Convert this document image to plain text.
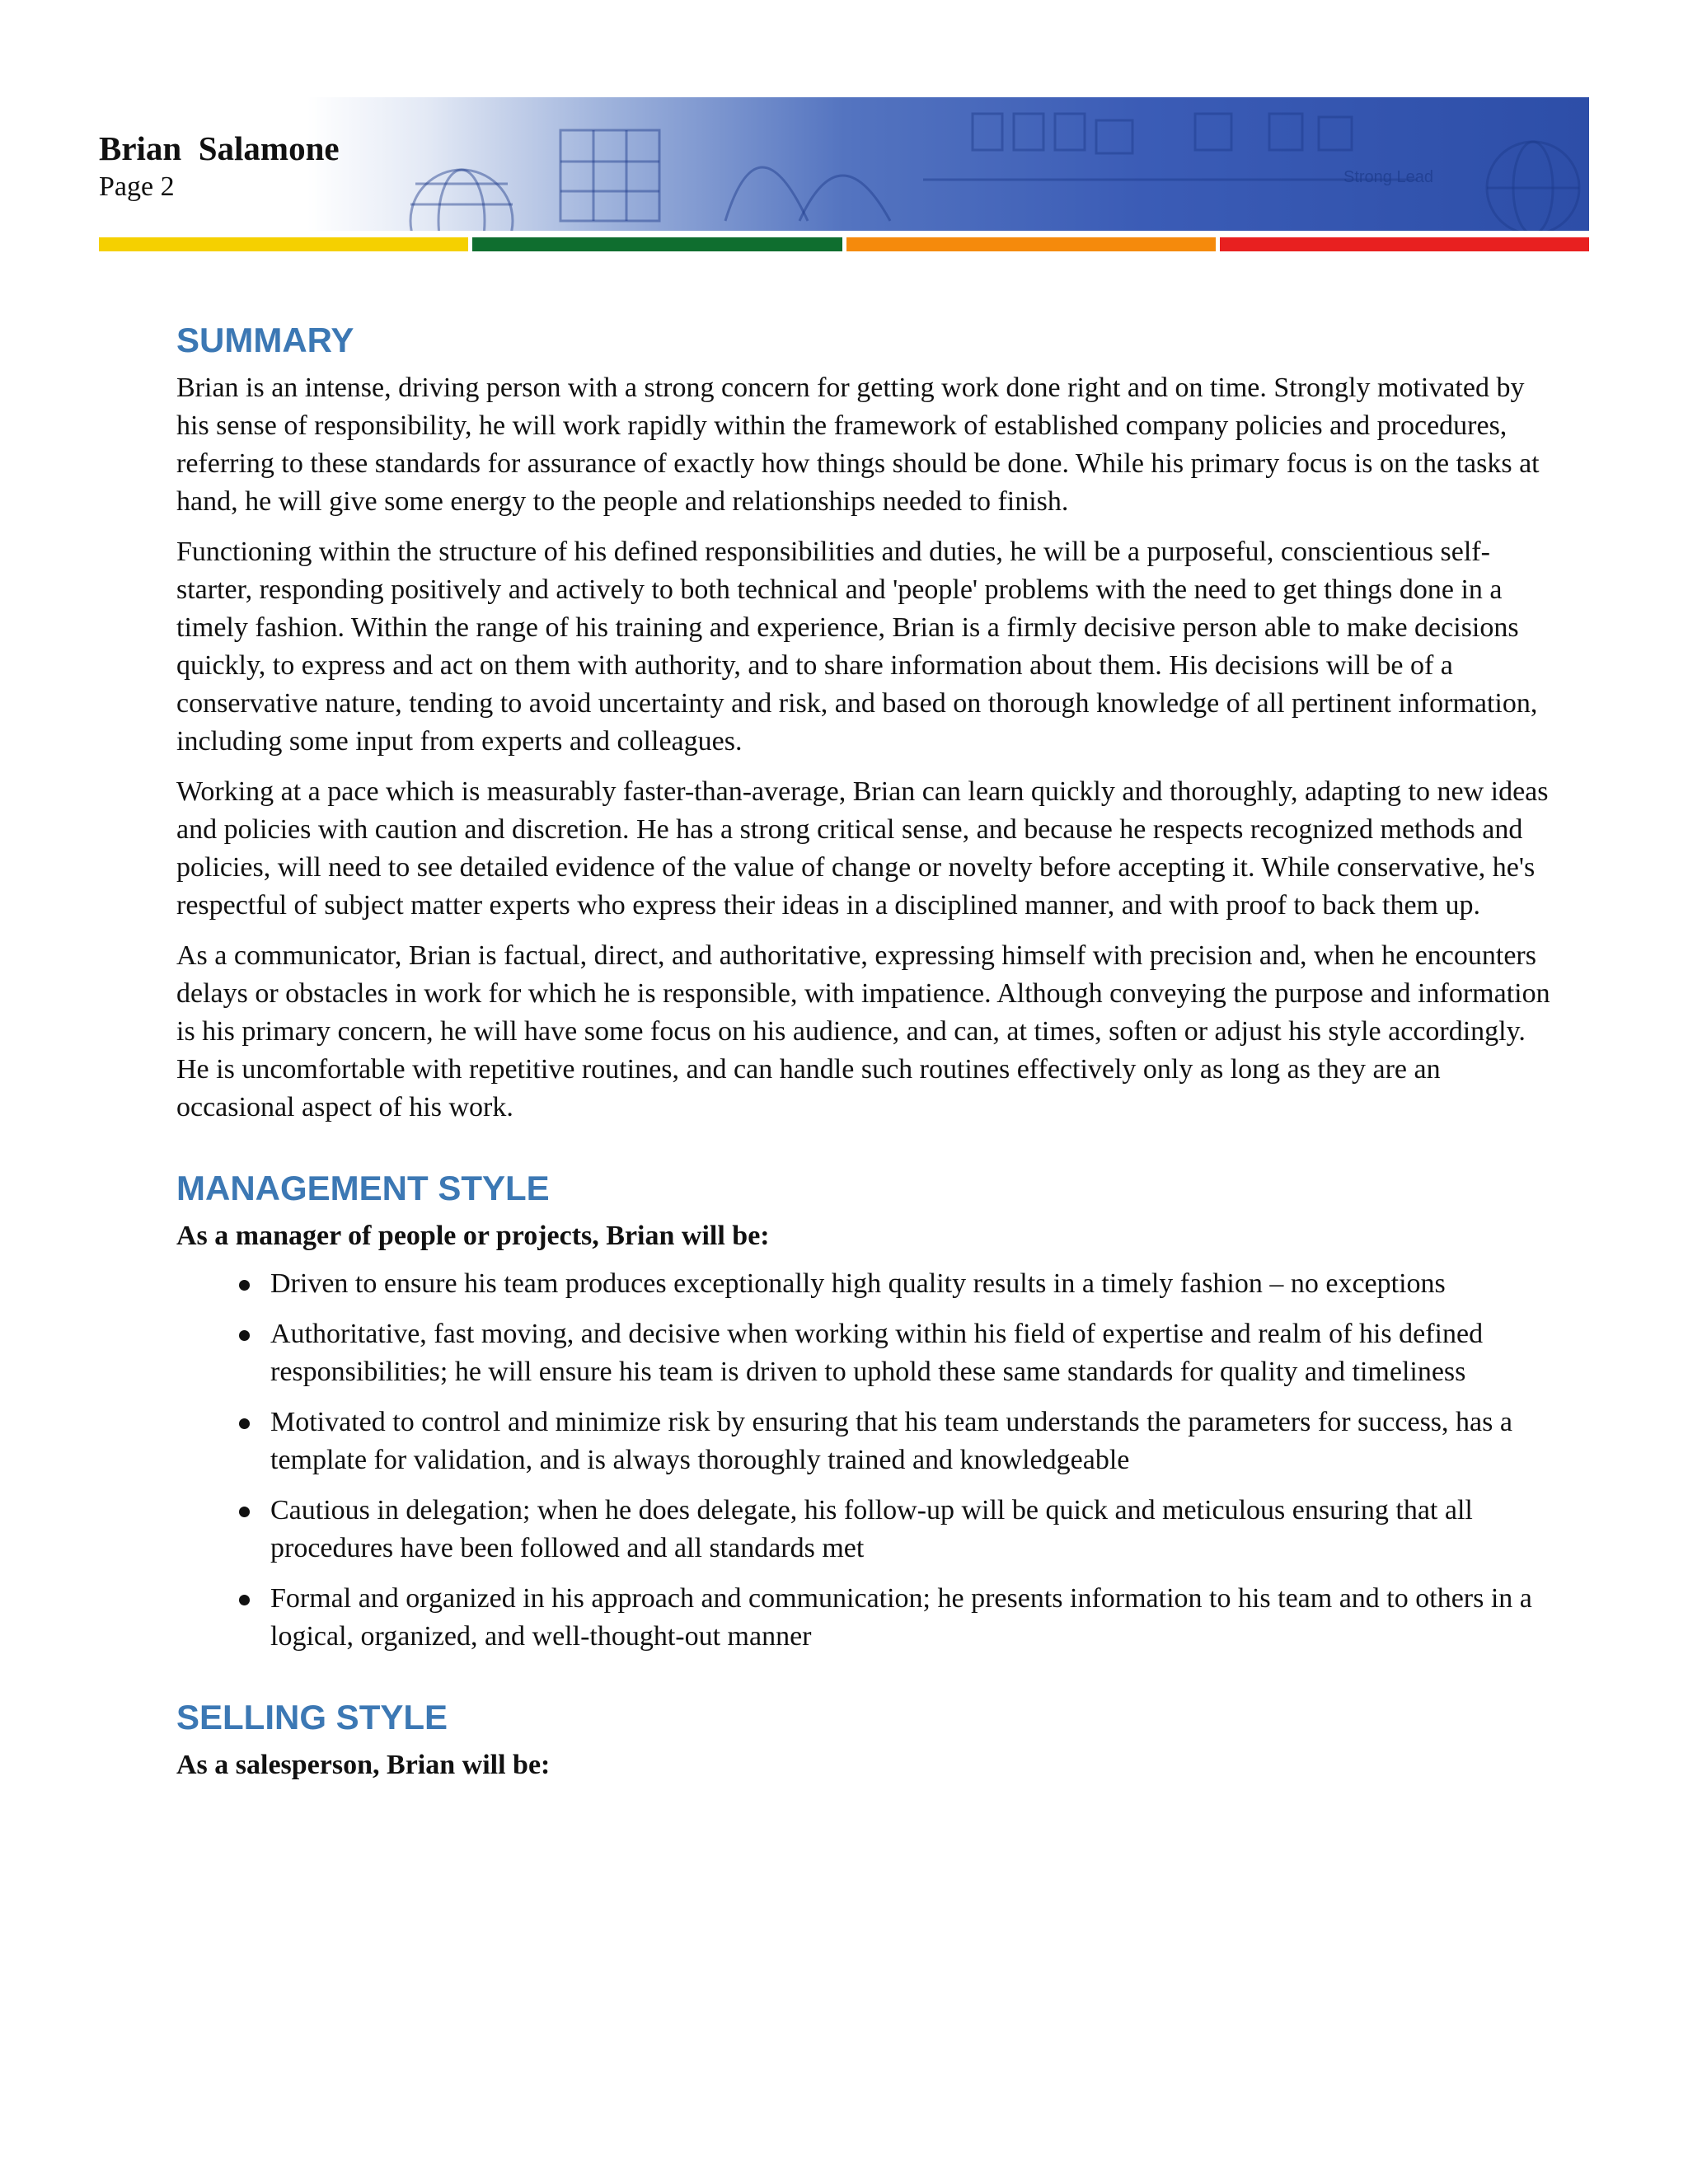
Strong Lead
Brian  Salamone
Page 2
SUMMARY

Brian is an intense, driving person with a strong concern for getting work done right and on time. Strongly motivated by his sense of responsibility, he will work rapidly within the framework of established company policies and procedures, referring to these standards for assurance of exactly how things should be done. While his primary focus is on the tasks at hand, he will give some energy to the people and relationships needed to finish.

Functioning within the structure of his defined responsibilities and duties, he will be a purposeful, conscientious self-starter, responding positively and actively to both technical and 'people' problems with the need to get things done in a timely fashion. Within the range of his training and experience, Brian is a firmly decisive person able to make decisions quickly, to express and act on them with authority, and to share information about them. His decisions will be of a conservative nature, tending to avoid uncertainty and risk, and based on thorough knowledge of all pertinent information, including some input from experts and colleagues.

Working at a pace which is measurably faster-than-average, Brian can learn quickly and thoroughly, adapting to new ideas and policies with caution and discretion. He has a strong critical sense, and because he respects recognized methods and policies, will need to see detailed evidence of the value of change or novelty before accepting it. While conservative, he's respectful of subject matter experts who express their ideas in a disciplined manner, and with proof to back them up.

As a communicator, Brian is factual, direct, and authoritative, expressing himself with precision and, when he encounters delays or obstacles in work for which he is responsible, with impatience. Although conveying the purpose and information is his primary concern, he will have some focus on his audience, and can, at times, soften or adjust his style accordingly. He is uncomfortable with repetitive routines, and can handle such routines effectively only as long as they are an occasional aspect of his work.

MANAGEMENT STYLE

As a manager of people or projects, Brian will be:

Driven to ensure his team produces exceptionally high quality results in a timely fashion – no exceptions
Authoritative, fast moving, and decisive when working within his field of expertise and realm of his defined responsibilities; he will ensure his team is driven to uphold these same standards for quality and timeliness
Motivated to control and minimize risk by ensuring that his team understands the parameters for success, has a template for validation, and is always thoroughly trained and knowledgeable
Cautious in delegation; when he does delegate, his follow-up will be quick and meticulous ensuring that all procedures have been followed and all standards met
Formal and organized in his approach and communication; he presents information to his team and to others in a logical, organized, and well-thought-out manner
SELLING STYLE

As a salesperson, Brian will be:
